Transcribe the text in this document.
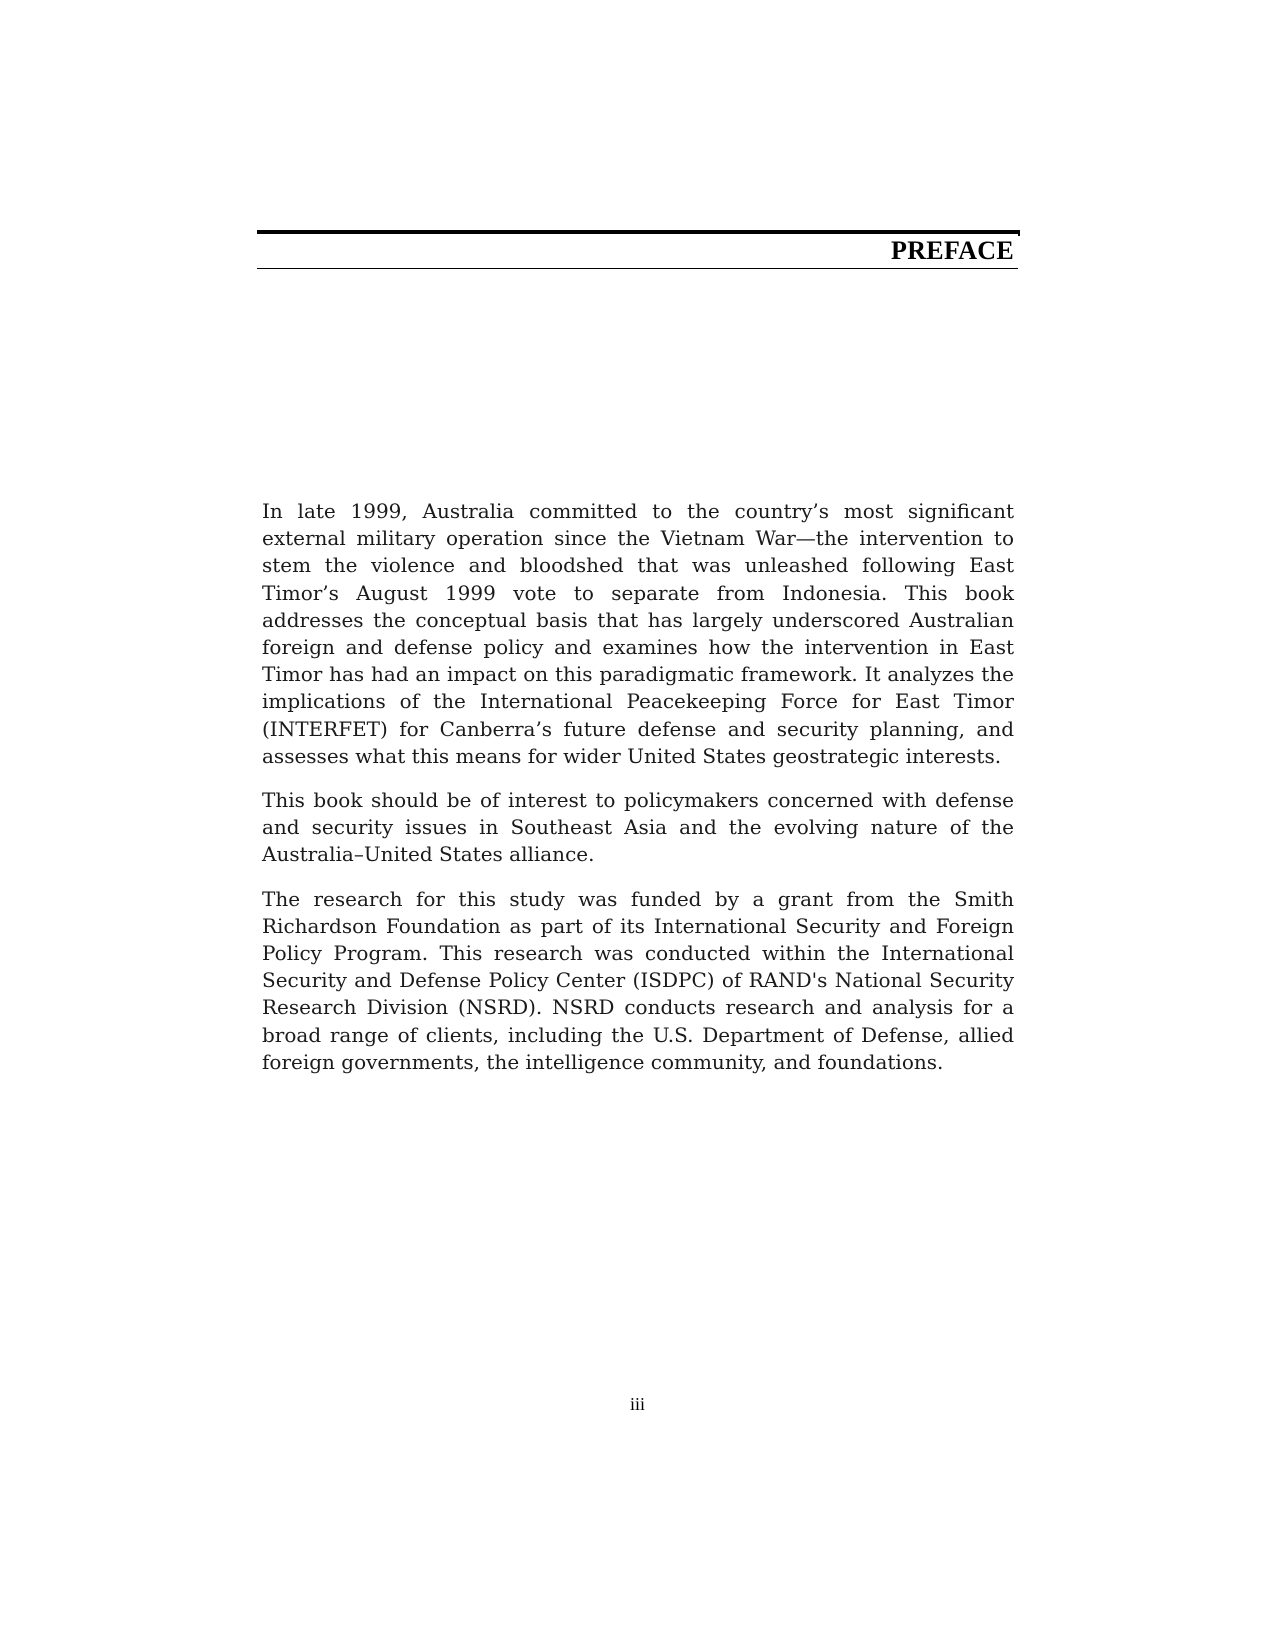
PREFACE

In late 1999, Australia committed to the country’s most significant external military operation since the Vietnam War—the intervention to stem the violence and bloodshed that was unleashed following East Timor’s August 1999 vote to separate from Indonesia. This book addresses the conceptual basis that has largely underscored Australian foreign and defense policy and examines how the intervention in East Timor has had an impact on this paradigmatic framework. It analyzes the implications of the International Peacekeeping Force for East Timor (INTERFET) for Canberra’s future defense and security planning, and assesses what this means for wider United States geostrategic interests.

This book should be of interest to policymakers concerned with defense and security issues in Southeast Asia and the evolving nature of the Australia–United States alliance.

The research for this study was funded by a grant from the Smith Richardson Foundation as part of its International Security and Foreign Policy Program. This research was conducted within the International Security and Defense Policy Center (ISDPC) of RAND's National Security Research Division (NSRD). NSRD conducts research and analysis for a broad range of clients, including the U.S. Department of Defense, allied foreign governments, the intelligence community, and foundations.

iii
